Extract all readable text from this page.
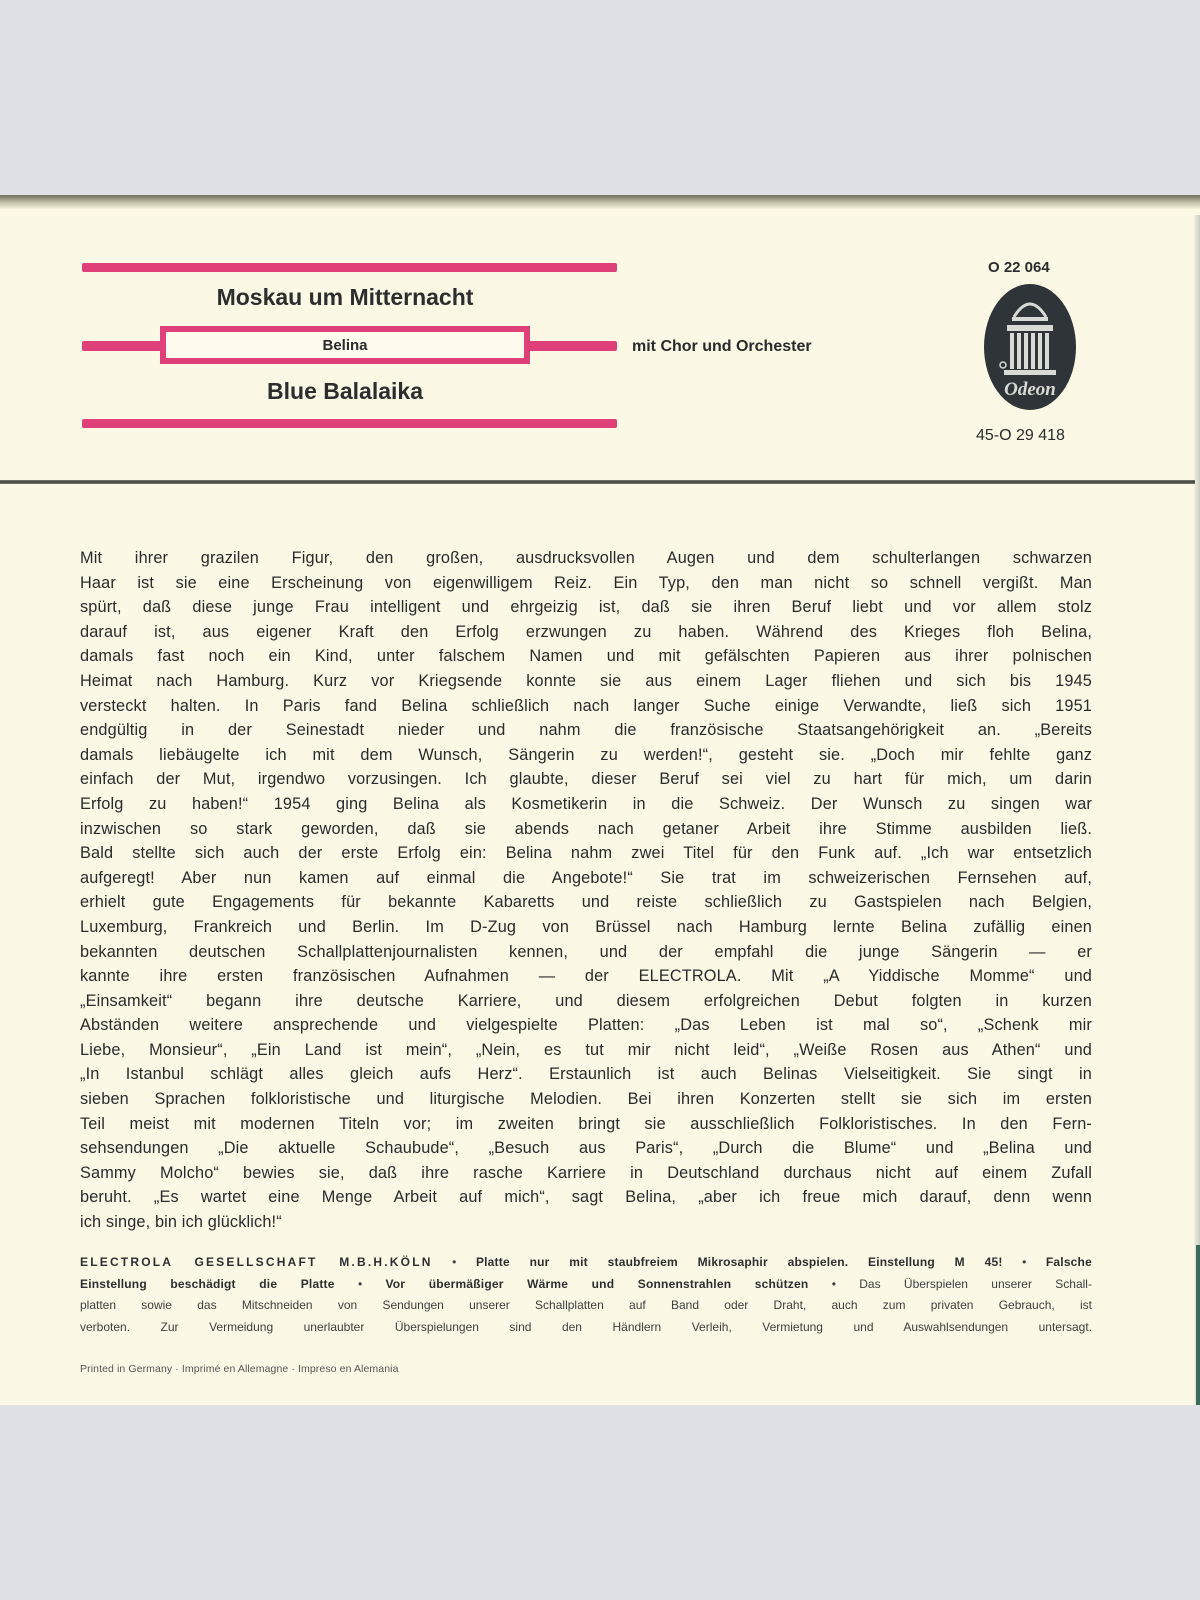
Moskau um Mitternacht
Belina	mit Chor und Orchester
Blue Balalaika
O 22 064
Odeon
45-O 29 418
Mit ihrer grazilen Figur, den großen, ausdrucksvollen Augen und dem schulterlangen schwarzen
Haar ist sie eine Erscheinung von eigenwilligem Reiz. Ein Typ, den man nicht so schnell vergißt. Man
spürt, daß diese junge Frau intelligent und ehrgeizig ist, daß sie ihren Beruf liebt und vor allem stolz
darauf ist, aus eigener Kraft den Erfolg erzwungen zu haben. Während des Krieges floh Belina,
damals fast noch ein Kind, unter falschem Namen und mit gefälschten Papieren aus ihrer polnischen
Heimat nach Hamburg. Kurz vor Kriegsende konnte sie aus einem Lager fliehen und sich bis 1945
versteckt halten. In Paris fand Belina schließlich nach langer Suche einige Verwandte, ließ sich 1951
endgültig in der Seinestadt nieder und nahm die französische Staatsangehörigkeit an. „Bereits
damals liebäugelte ich mit dem Wunsch, Sängerin zu werden!“, gesteht sie. „Doch mir fehlte ganz
einfach der Mut, irgendwo vorzusingen. Ich glaubte, dieser Beruf sei viel zu hart für mich, um darin
Erfolg zu haben!“ 1954 ging Belina als Kosmetikerin in die Schweiz. Der Wunsch zu singen war
inzwischen so stark geworden, daß sie abends nach getaner Arbeit ihre Stimme ausbilden ließ.
Bald stellte sich auch der erste Erfolg ein: Belina nahm zwei Titel für den Funk auf. „Ich war entsetzlich
aufgeregt! Aber nun kamen auf einmal die Angebote!“ Sie trat im schweizerischen Fernsehen auf,
erhielt gute Engagements für bekannte Kabaretts und reiste schließlich zu Gastspielen nach Belgien,
Luxemburg, Frankreich und Berlin. Im D-Zug von Brüssel nach Hamburg lernte Belina zufällig einen
bekannten deutschen Schallplattenjournalisten kennen, und der empfahl die junge Sängerin — er
kannte ihre ersten französischen Aufnahmen — der ELECTROLA. Mit „A Yiddische Momme“ und
„Einsamkeit“ begann ihre deutsche Karriere, und diesem erfolgreichen Debut folgten in kurzen
Abständen weitere ansprechende und vielgespielte Platten: „Das Leben ist mal so“, „Schenk mir
Liebe, Monsieur“, „Ein Land ist mein“, „Nein, es tut mir nicht leid“, „Weiße Rosen aus Athen“ und
„In Istanbul schlägt alles gleich aufs Herz“. Erstaunlich ist auch Belinas Vielseitigkeit. Sie singt in
sieben Sprachen folkloristische und liturgische Melodien. Bei ihren Konzerten stellt sie sich im ersten
Teil meist mit modernen Titeln vor; im zweiten bringt sie ausschließlich Folkloristisches. In den Fern-
sehsendungen „Die aktuelle Schaubude“, „Besuch aus Paris“, „Durch die Blume“ und „Belina und
Sammy Molcho“ bewies sie, daß ihre rasche Karriere in Deutschland durchaus nicht auf einem Zufall
beruht. „Es wartet eine Menge Arbeit auf mich“, sagt Belina, „aber ich freue mich darauf, denn wenn
ich singe, bin ich glücklich!“
ELECTROLA GESELLSCHAFT M.B.H.KÖLN • Platte nur mit staubfreiem Mikrosaphir abspielen. Einstellung M 45! • Falsche
Einstellung beschädigt die Platte • Vor übermäßiger Wärme und Sonnenstrahlen schützen • Das Überspielen unserer Schall-
platten sowie das Mitschneiden von Sendungen unserer Schallplatten auf Band oder Draht, auch zum privaten Gebrauch, ist
verboten. Zur Vermeidung unerlaubter Überspielungen sind den Händlern Verleih, Vermietung und Auswahlsendungen untersagt.
Printed in Germany · Imprimé en Allemagne · Impreso en Alemania
